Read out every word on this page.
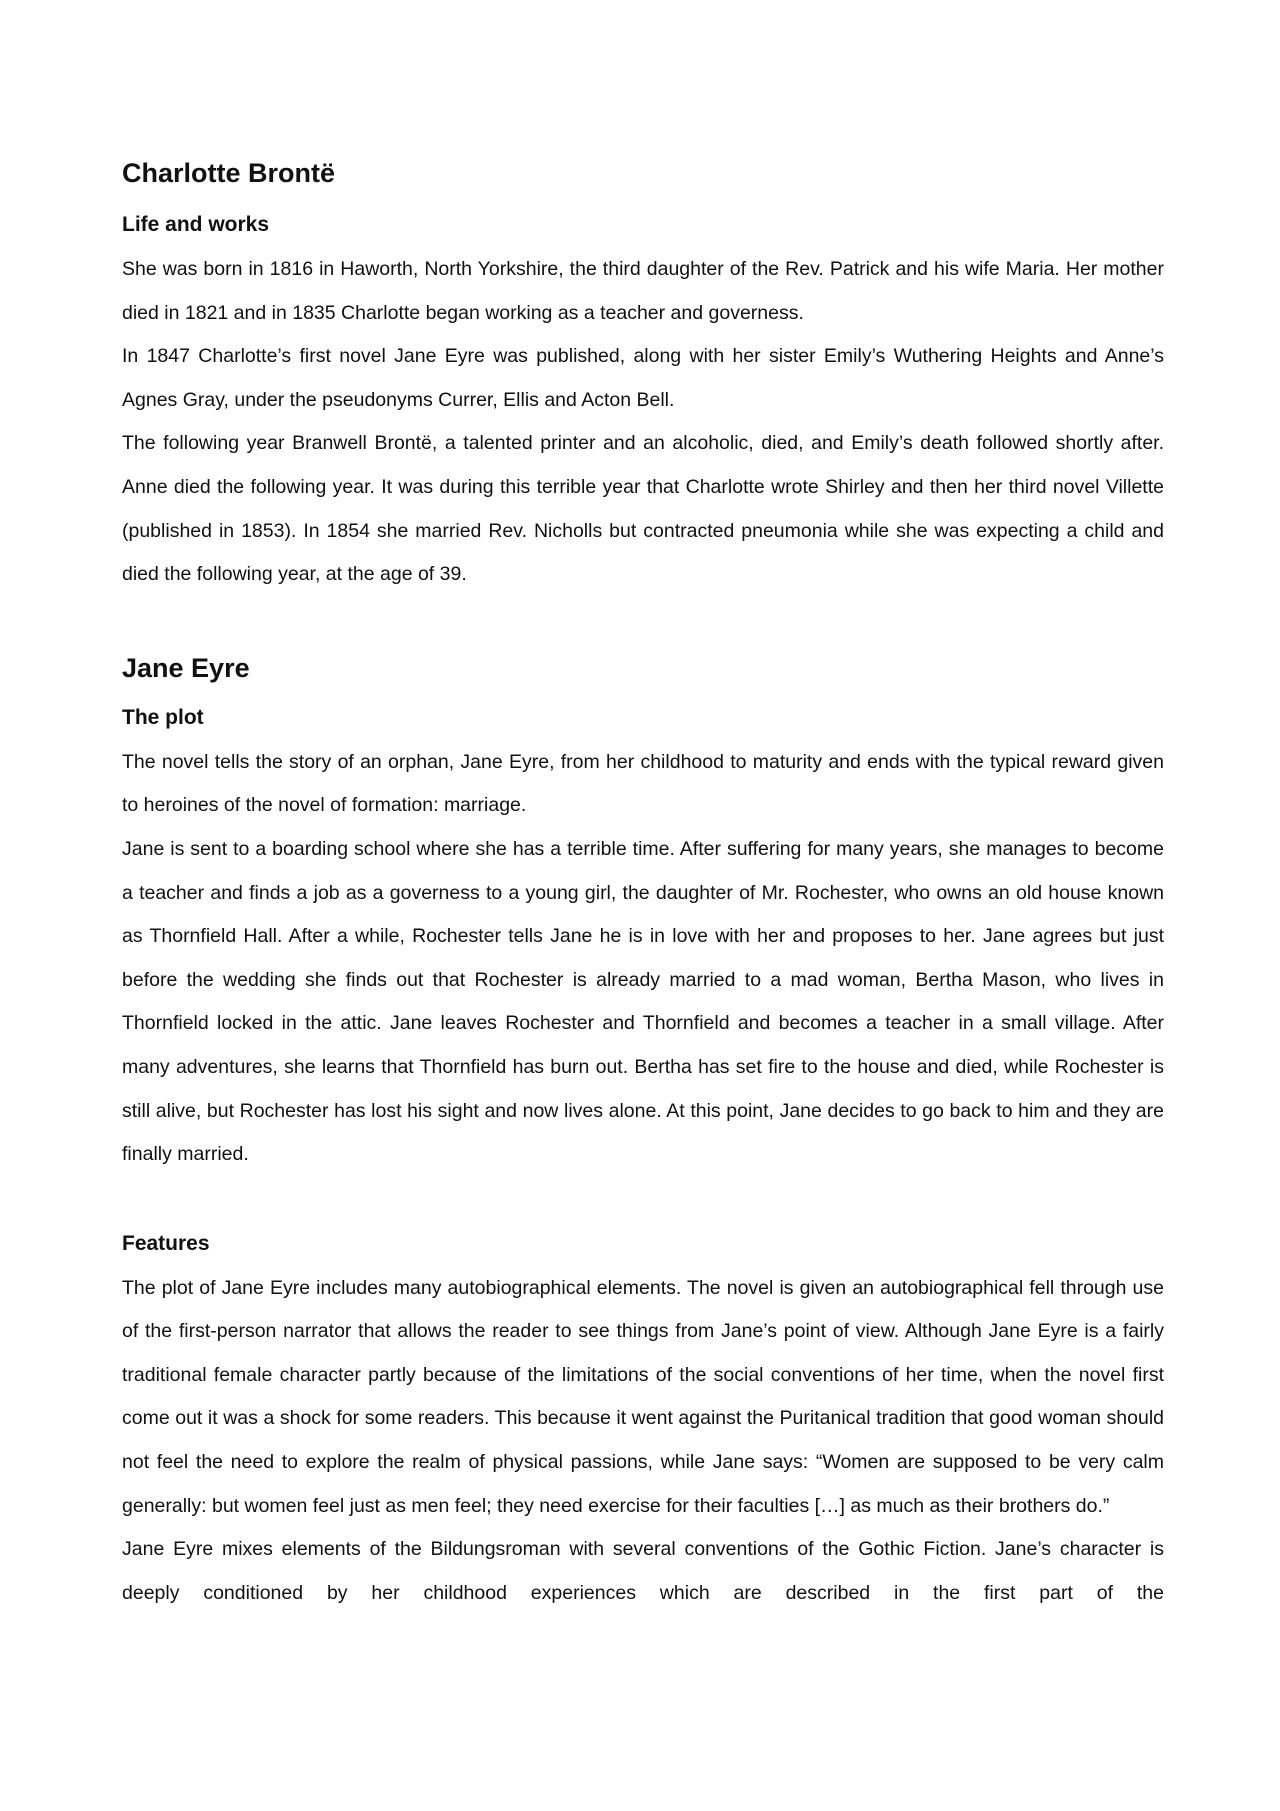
Charlotte Brontë
Life and works

She was born in 1816 in Haworth, North Yorkshire, the third daughter of the Rev. Patrick and his wife Maria. Her mother died in 1821 and in 1835 Charlotte began working as a teacher and governess.

In 1847 Charlotte’s first novel Jane Eyre was published, along with her sister Emily’s Wuthering Heights and Anne’s Agnes Gray, under the pseudonyms Currer, Ellis and Acton Bell.

The following year Branwell Brontë, a talented printer and an alcoholic, died, and Emily’s death followed shortly after. Anne died the following year. It was during this terrible year that Charlotte wrote Shirley and then her third novel Villette (published in 1853). In 1854 she married Rev. Nicholls but contracted pneumonia while she was expecting a child and died the following year, at the age of 39.

Jane Eyre
The plot

The novel tells the story of an orphan, Jane Eyre, from her childhood to maturity and ends with the typical reward given to heroines of the novel of formation: marriage.

Jane is sent to a boarding school where she has a terrible time. After suffering for many years, she manages to become a teacher and finds a job as a governess to a young girl, the daughter of Mr. Rochester, who owns an old house known as Thornfield Hall. After a while, Rochester tells Jane he is in love with her and proposes to her. Jane agrees but just before the wedding she finds out that Rochester is already married to a mad woman, Bertha Mason, who lives in Thornfield locked in the attic. Jane leaves Rochester and Thornfield and becomes a teacher in a small village. After many adventures, she learns that Thornfield has burn out. Bertha has set fire to the house and died, while Rochester is still alive, but Rochester has lost his sight and now lives alone. At this point, Jane decides to go back to him and they are finally married.

Features

The plot of Jane Eyre includes many autobiographical elements. The novel is given an autobiographical fell through use of the first-person narrator that allows the reader to see things from Jane’s point of view. Although Jane Eyre is a fairly traditional female character partly because of the limitations of the social conventions of her time, when the novel first come out it was a shock for some readers. This because it went against the Puritanical tradition that good woman should not feel the need to explore the realm of physical passions, while Jane says: “Women are supposed to be very calm generally: but women feel just as men feel; they need exercise for their faculties […] as much as their brothers do.”

Jane Eyre mixes elements of the Bildungsroman with several conventions of the Gothic Fiction. Jane’s character is deeply conditioned by her childhood experiences which are described in the first part of the
